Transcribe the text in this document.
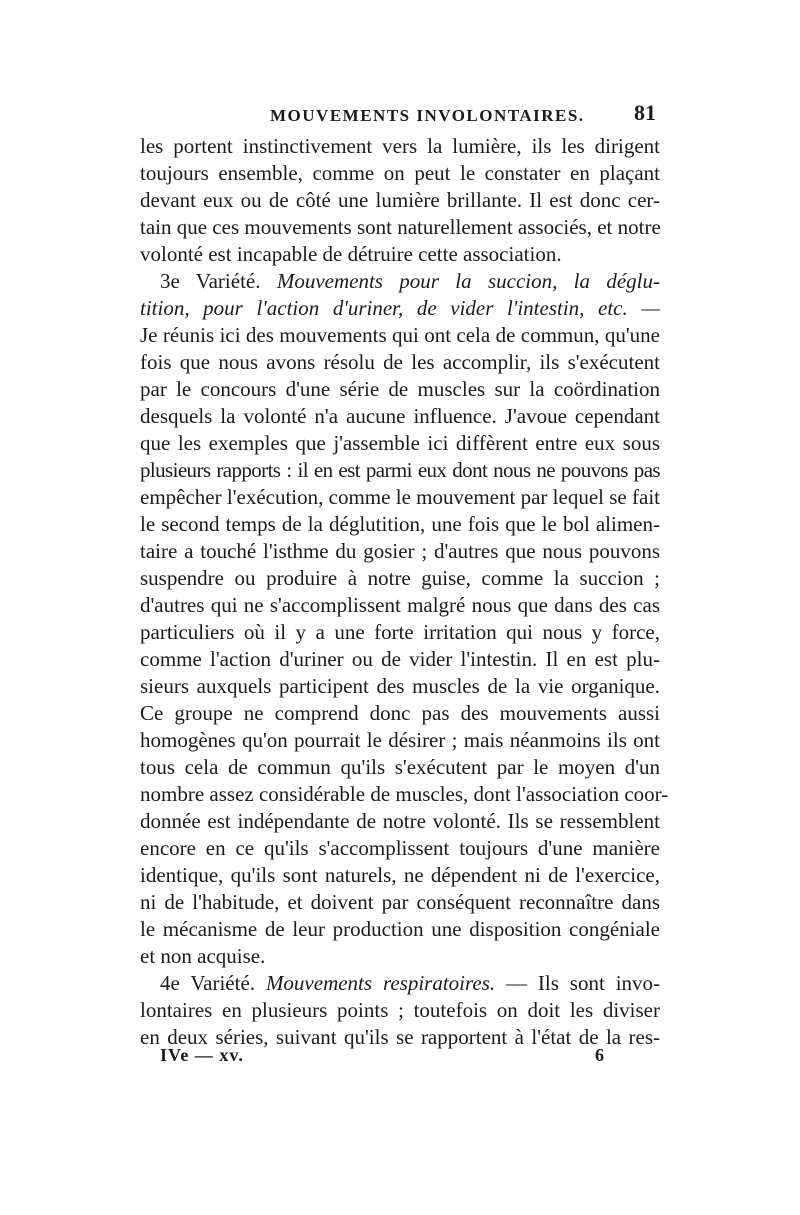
MOUVEMENTS INVOLONTAIRES. 81
les portent instinctivement vers la lumière, ils les dirigent
toujours ensemble, comme on peut le constater en plaçant
devant eux ou de côté une lumière brillante. Il est donc cer-
tain que ces mouvements sont naturellement associés, et notre
volonté est incapable de détruire cette association.
3e Variété. Mouvements pour la succion, la déglu-
tition, pour l'action d'uriner, de vider l'intestin, etc. —
Je réunis ici des mouvements qui ont cela de commun, qu'une
fois que nous avons résolu de les accomplir, ils s'exécutent
par le concours d'une série de muscles sur la coördination
desquels la volonté n'a aucune influence. J'avoue cependant
que les exemples que j'assemble ici diffèrent entre eux sous
plusieurs rapports : il en est parmi eux dont nous ne pouvons pas
empêcher l'exécution, comme le mouvement par lequel se fait
le second temps de la déglutition, une fois que le bol alimen-
taire a touché l'isthme du gosier ; d'autres que nous pouvons
suspendre ou produire à notre guise, comme la succion ;
d'autres qui ne s'accomplissent malgré nous que dans des cas
particuliers où il y a une forte irritation qui nous y force,
comme l'action d'uriner ou de vider l'intestin. Il en est plu-
sieurs auxquels participent des muscles de la vie organique.
Ce groupe ne comprend donc pas des mouvements aussi
homogènes qu'on pourrait le désirer ; mais néanmoins ils ont
tous cela de commun qu'ils s'exécutent par le moyen d'un
nombre assez considérable de muscles, dont l'association coor-
donnée est indépendante de notre volonté. Ils se ressemblent
encore en ce qu'ils s'accomplissent toujours d'une manière
identique, qu'ils sont naturels, ne dépendent ni de l'exercice,
ni de l'habitude, et doivent par conséquent reconnaître dans
le mécanisme de leur production une disposition congéniale
et non acquise.
4e Variété. Mouvements respiratoires. — Ils sont invo-
lontaires en plusieurs points ; toutefois on doit les diviser
en deux séries, suivant qu'ils se rapportent à l'état de la res-
IVe — xv.	6
